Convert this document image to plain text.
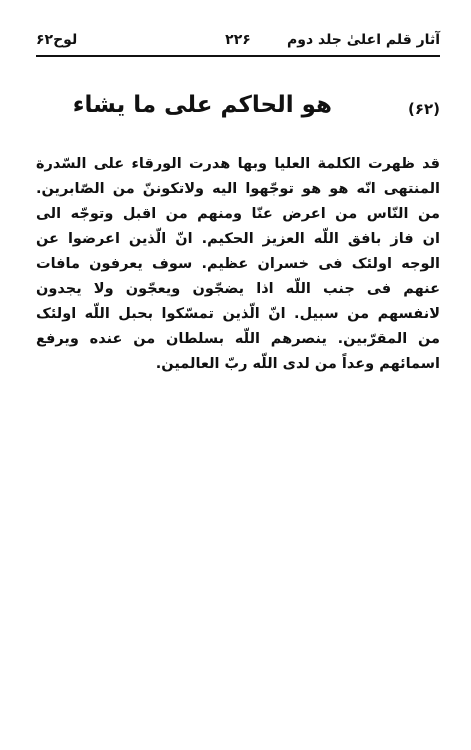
آثار قلم اعلیٰ جلد دوم
۲۲۶
لوح۶۲
(۶۲)
هو الحاکم علی ما یشاء
قد ظهرت الکلمة العلیا وبها هدرت الورقاء علی السّدرة
المنتهی انّه هو هو توجّهوا الیه ولاتکوننّ من الصّابرین.
من النّاس من اعرض عنّا ومنهم من اقبل وتوجّه الی
ان فاز بافق اللّه العزیز الحکیم. انّ الّذین اعرضوا عن
الوجه اولئک فی خسران عظیم. سوف یعرفون مافات
عنهم فی جنب اللّه اذا یضجّون ویعجّون ولا یجدون
لانفسهم من سبیل. انّ الّذین تمسّکوا بحبل اللّه اولئک
من المقرّبین. ینصرهم اللّه بسلطان من عنده ویرفع
اسمائهم وعداً من لدی اللّه ربّ العالمین.
